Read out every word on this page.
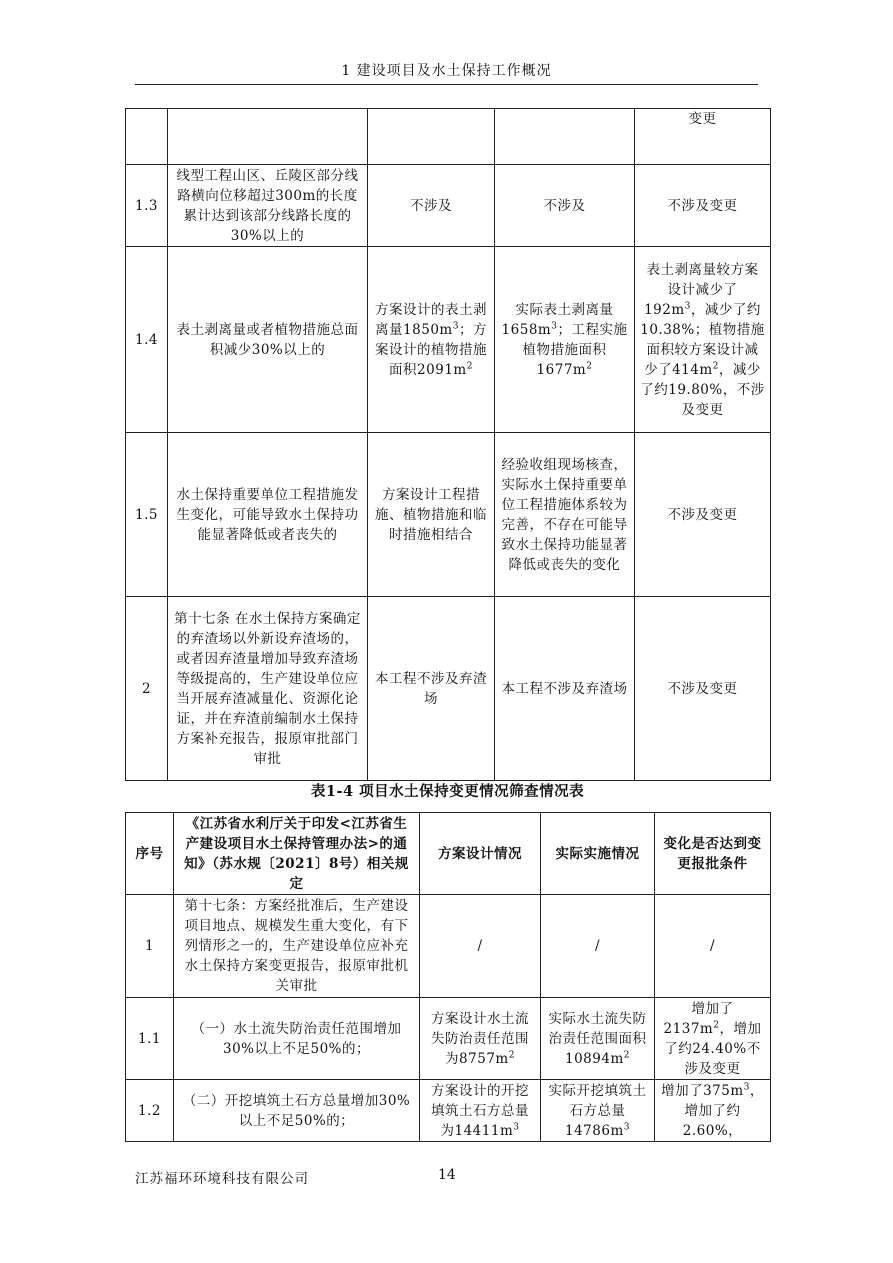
1 建设项目及水土保持工作概况
				变更
1.3	线型工程山区、丘陵区部分线路横向位移超过300m的长度累计达到该部分线路长度的30%以上的	不涉及	不涉及	不涉及变更
1.4	表土剥离量或者植物措施总面积减少30%以上的	方案设计的表土剥离量$1850m^3$；方案设计的植物措施面积$2091m^2$	实际表土剥离量$1658m^3$；工程实施植物措施面积$1677m^2$	表土剥离量较方案设计减少了$192m^3$，减少了约10.38%；植物措施面积较方案设计减少了$414m^2$，减少了约19.80%，不涉及变更
1.5	水土保持重要单位工程措施发生变化，可能导致水土保持功能显著降低或者丧失的	方案设计工程措施、植物措施和临时措施相结合	经验收组现场核查，实际水土保持重要单位工程措施体系较为完善，不存在可能导致水土保持功能显著降低或丧失的变化	不涉及变更
2	第十七条 在水土保持方案确定的弃渣场以外新设弃渣场的，或者因弃渣量增加导致弃渣场等级提高的，生产建设单位应当开展弃渣减量化、资源化论证，并在弃渣前编制水土保持方案补充报告，报原审批部门审批	本工程不涉及弃渣场	本工程不涉及弃渣场	不涉及变更
表1-4 项目水土保持变更情况筛查情况表
序号	《江苏省水利厅关于印发<江苏省生产建设项目水土保持管理办法>的通知》（苏水规〔2021〕8号）相关规定	方案设计情况	实际实施情况	变化是否达到变更报批条件
1	第十七条：方案经批准后，生产建设项目地点、规模发生重大变化，有下列情形之一的，生产建设单位应补充水土保持方案变更报告，报原审批机关审批	/	/	/
1.1	（一）水土流失防治责任范围增加30%以上不足50%的；	方案设计水土流失防治责任范围为$8757m^2$	实际水土流失防治责任范围面积$10894m^2$	增加了$2137m^2$，增加了约24.40%不涉及变更
1.2	（二）开挖填筑土石方总量增加30%以上不足50%的；	方案设计的开挖填筑土石方总量为$14411m^3$	实际开挖填筑土石方总量$14786m^3$	增加了$375m^3$，增加了约2.60%，
江苏福环环境科技有限公司	14
